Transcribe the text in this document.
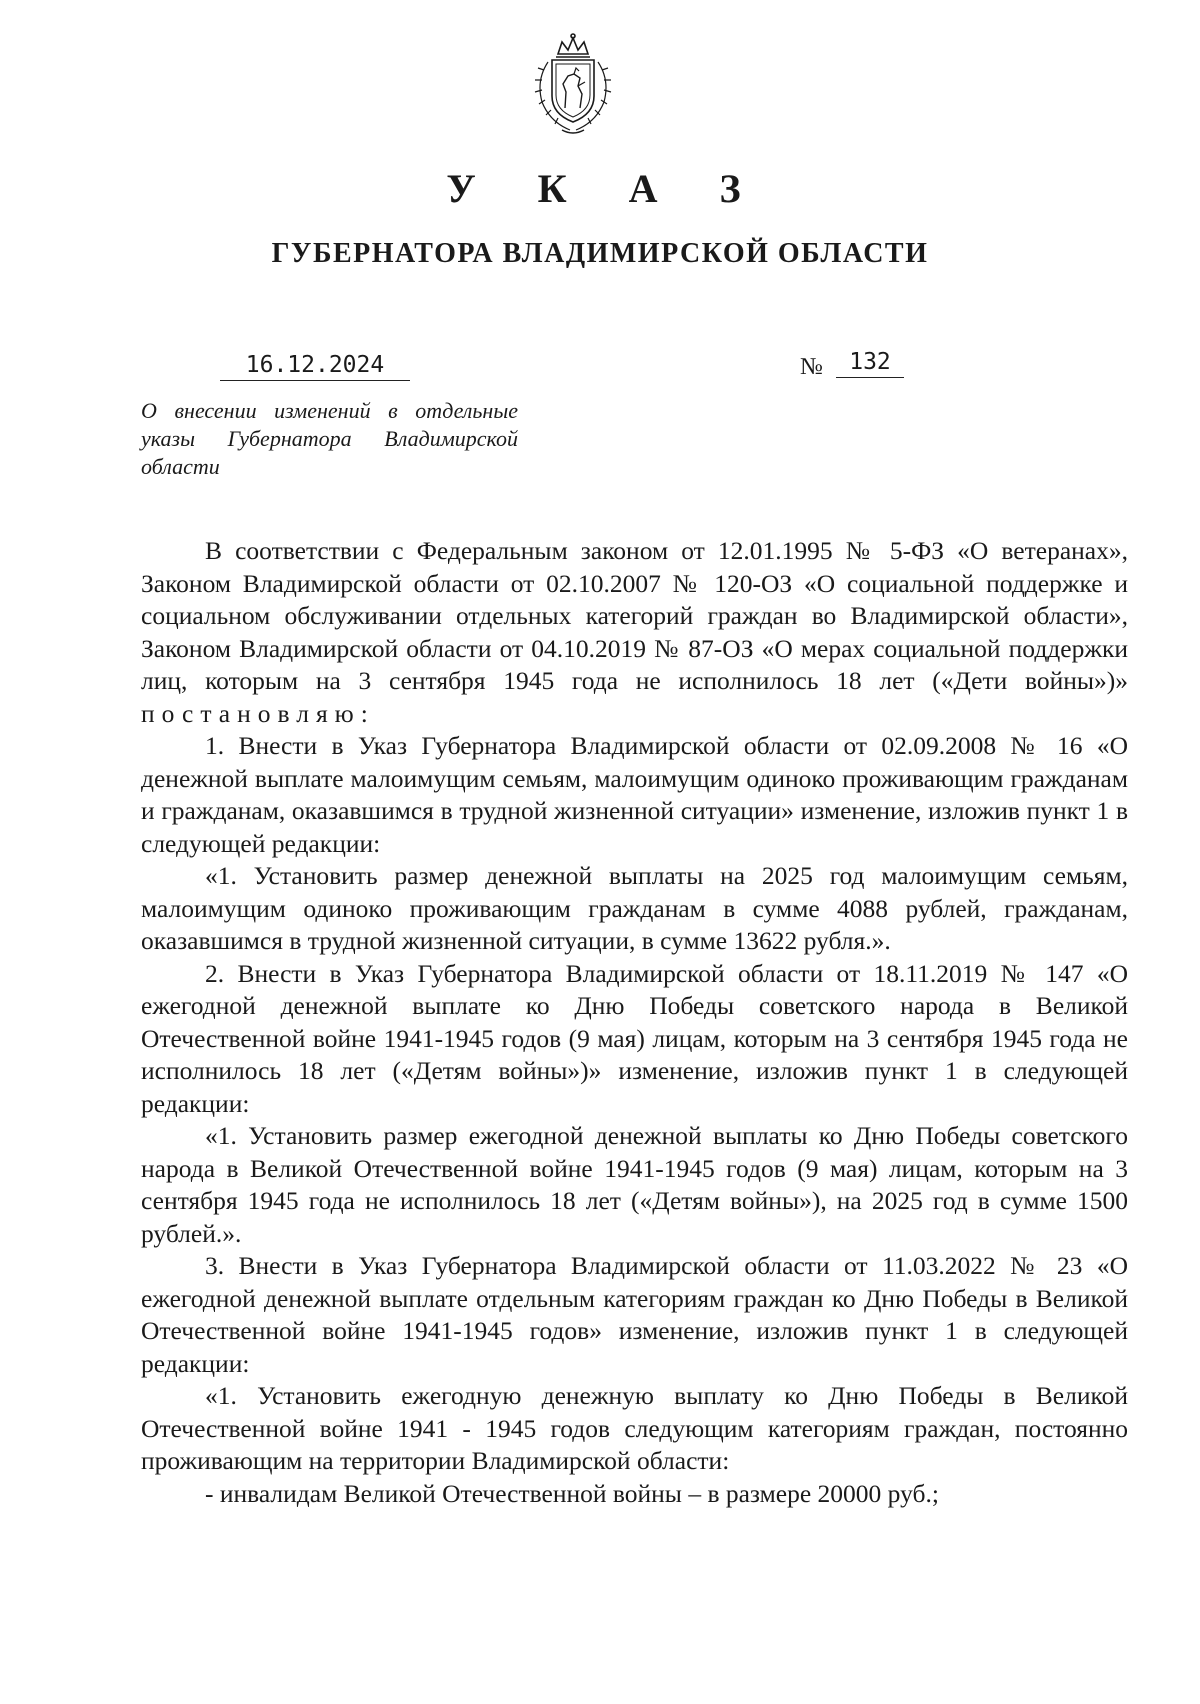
У К А З
ГУБЕРНАТОРА ВЛАДИМИРСКОЙ ОБЛАСТИ
16.12.2024	№	132
О внесении изменений в отдельные указы Губернатора Владимирской области

В соответствии с Федеральным законом от 12.01.1995 № 5-ФЗ «О ветеранах», Законом Владимирской области от 02.10.2007 № 120-ОЗ «О социальной поддержке и социальном обслуживании отдельных категорий граждан во Владимирской области», Законом Владимирской области от 04.10.2019 № 87-ОЗ «О мерах социальной поддержки лиц, которым на 3 сентября 1945 года не исполнилось 18 лет («Дети войны»)» постановляю:

1. Внести в Указ Губернатора Владимирской области от 02.09.2008 № 16 «О денежной выплате малоимущим семьям, малоимущим одиноко проживающим гражданам и гражданам, оказавшимся в трудной жизненной ситуации» изменение, изложив пункт 1 в следующей редакции:

«1. Установить размер денежной выплаты на 2025 год малоимущим семьям, малоимущим одиноко проживающим гражданам в сумме 4088 рублей, гражданам, оказавшимся в трудной жизненной ситуации, в сумме 13622 рубля.».

2. Внести в Указ Губернатора Владимирской области от 18.11.2019 № 147 «О ежегодной денежной выплате ко Дню Победы советского народа в Великой Отечественной войне 1941-1945 годов (9 мая) лицам, которым на 3 сентября 1945 года не исполнилось 18 лет («Детям войны»)» изменение, изложив пункт 1 в следующей редакции:

«1. Установить размер ежегодной денежной выплаты ко Дню Победы советского народа в Великой Отечественной войне 1941-1945 годов (9 мая) лицам, которым на 3 сентября 1945 года не исполнилось 18 лет («Детям войны»), на 2025 год в сумме 1500 рублей.».

3. Внести в Указ Губернатора Владимирской области от 11.03.2022 № 23 «О ежегодной денежной выплате отдельным категориям граждан ко Дню Победы в Великой Отечественной войне 1941-1945 годов» изменение, изложив пункт 1 в следующей редакции:

«1. Установить ежегодную денежную выплату ко Дню Победы в Великой Отечественной войне 1941 - 1945 годов следующим категориям граждан, постоянно проживающим на территории Владимирской области:

- инвалидам Великой Отечественной войны – в размере 20000 руб.;
